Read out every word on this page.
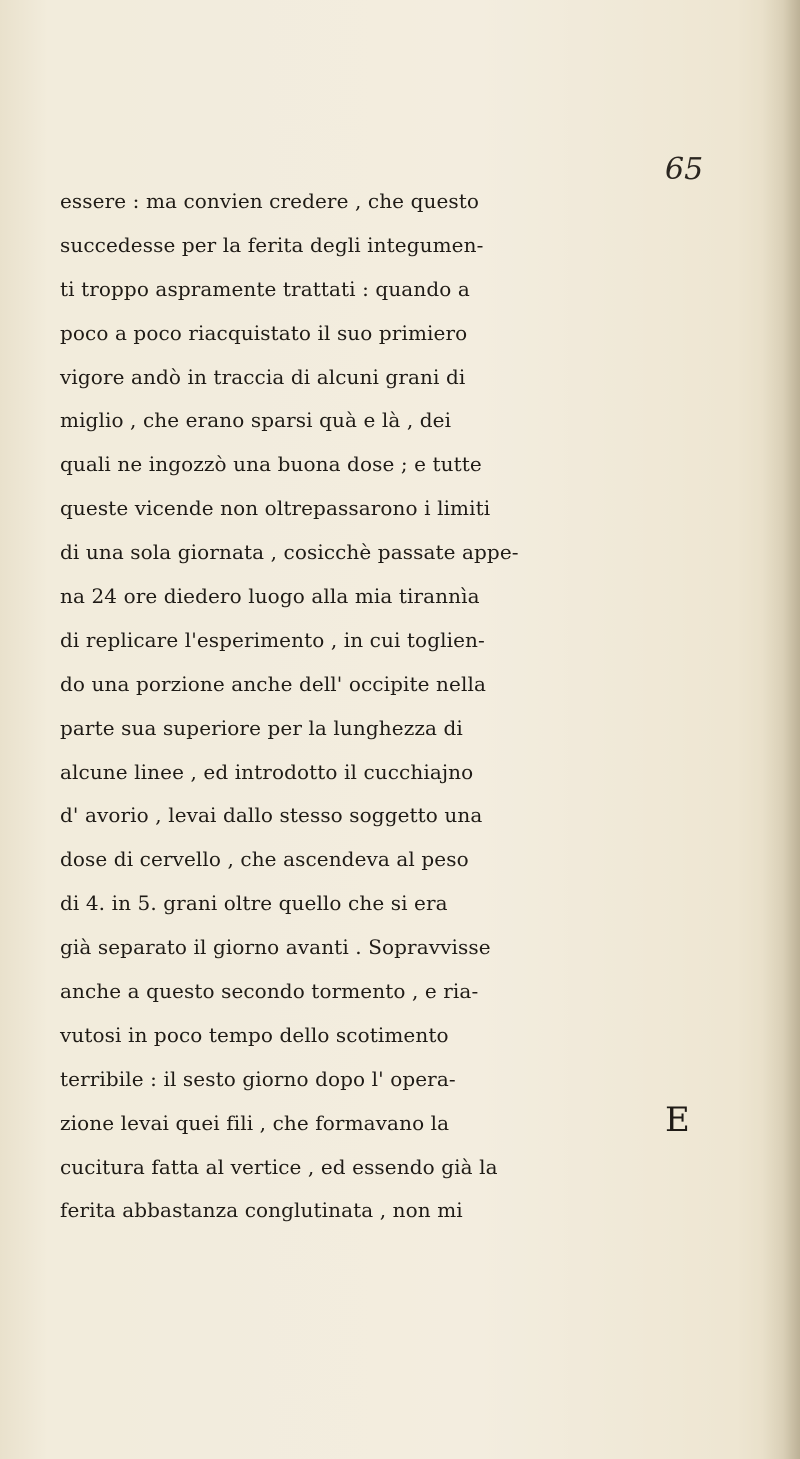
65
essere : ma convien credere , che questo
succedesse per la ferita degli integumen-
ti troppo aspramente trattati : quando a
poco a poco riacquistato il suo primiero
vigore andò in traccia di alcuni grani di
miglio , che erano sparsi quà e là , dei
quali ne ingozzò una buona dose ; e tutte
queste vicende non oltrepassarono i limiti
di una sola giornata , cosicchè passate appe-
na 24 ore diedero luogo alla mia tirannìa
di replicare l'esperimento , in cui toglien-
do una porzione anche dell' occipite nella
parte sua superiore per la lunghezza di
alcune linee , ed introdotto il cucchiajno
d' avorio , levai dallo stesso soggetto una
dose di cervello , che ascendeva al peso
di 4. in 5. grani oltre quello che si era
già separato il giorno avanti . Sopravvisse
anche a questo secondo tormento , e ria-
vutosi in poco tempo dello scotimento
terribile : il sesto giorno dopo l' opera-
zione levai quei fili , che formavano la
cucitura fatta al vertice , ed essendo già la
ferita abbastanza conglutinata , non mi
E
